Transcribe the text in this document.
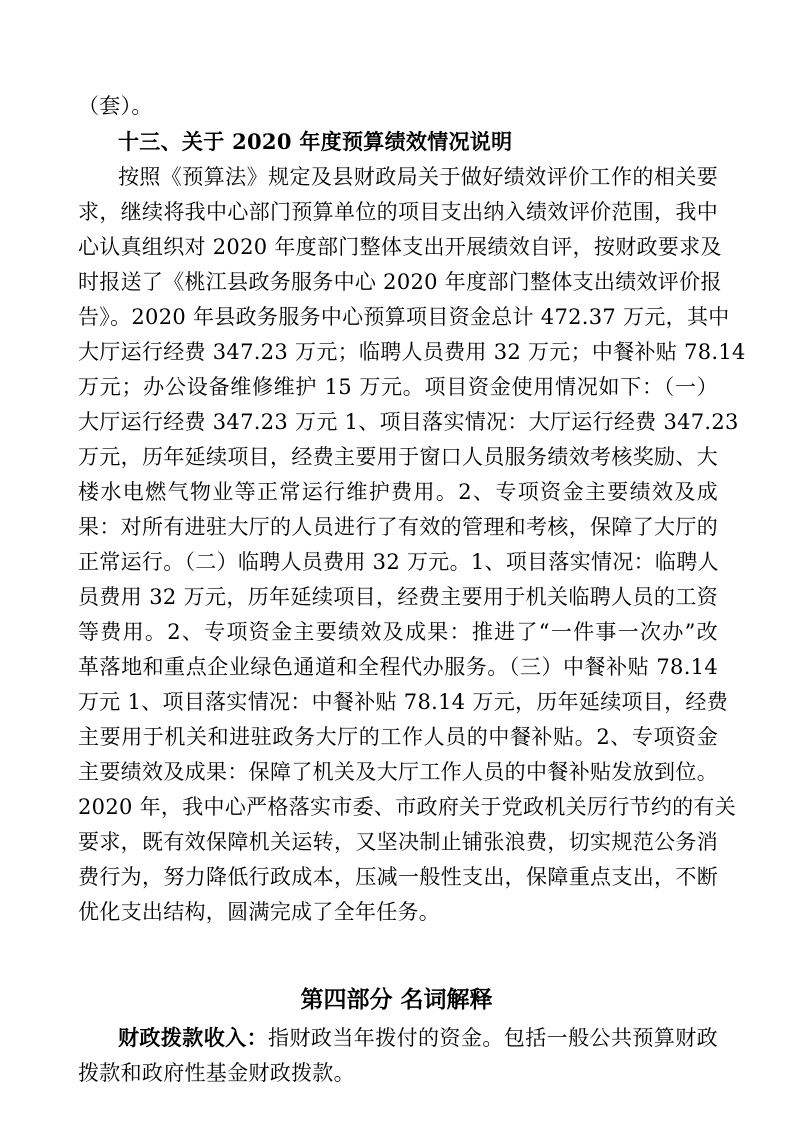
（套）。
十三、关于 2020 年度预算绩效情况说明
按照《预算法》规定及县财政局关于做好绩效评价工作的相关要
求，继续将我中心部门预算单位的项目支出纳入绩效评价范围，我中
心认真组织对 2020 年度部门整体支出开展绩效自评，按财政要求及
时报送了《桃江县政务服务中心 2020 年度部门整体支出绩效评价报
告》。2020 年县政务服务中心预算项目资金总计 472.37 万元，其中
大厅运行经费 347.23 万元；临聘人员费用 32 万元；中餐补贴 78.14
万元；办公设备维修维护 15 万元。项目资金使用情况如下：（一）
大厅运行经费 347.23 万元 1、项目落实情况：大厅运行经费 347.23
万元，历年延续项目，经费主要用于窗口人员服务绩效考核奖励、大
楼水电燃气物业等正常运行维护费用。2、专项资金主要绩效及成
果：对所有进驻大厅的人员进行了有效的管理和考核，保障了大厅的
正常运行。（二）临聘人员费用 32 万元。1、项目落实情况：临聘人
员费用 32 万元，历年延续项目，经费主要用于机关临聘人员的工资
等费用。2、专项资金主要绩效及成果：推进了“一件事一次办”改
革落地和重点企业绿色通道和全程代办服务。（三）中餐补贴 78.14
万元 1、项目落实情况：中餐补贴 78.14 万元，历年延续项目，经费
主要用于机关和进驻政务大厅的工作人员的中餐补贴。2、专项资金
主要绩效及成果：保障了机关及大厅工作人员的中餐补贴发放到位。
2020 年，我中心严格落实市委、市政府关于党政机关厉行节约的有关
要求，既有效保障机关运转，又坚决制止铺张浪费，切实规范公务消
费行为，努力降低行政成本，压减一般性支出，保障重点支出，不断
优化支出结构，圆满完成了全年任务。
第四部分 名词解释
财政拨款收入：指财政当年拨付的资金。包括一般公共预算财政
拨款和政府性基金财政拨款。
